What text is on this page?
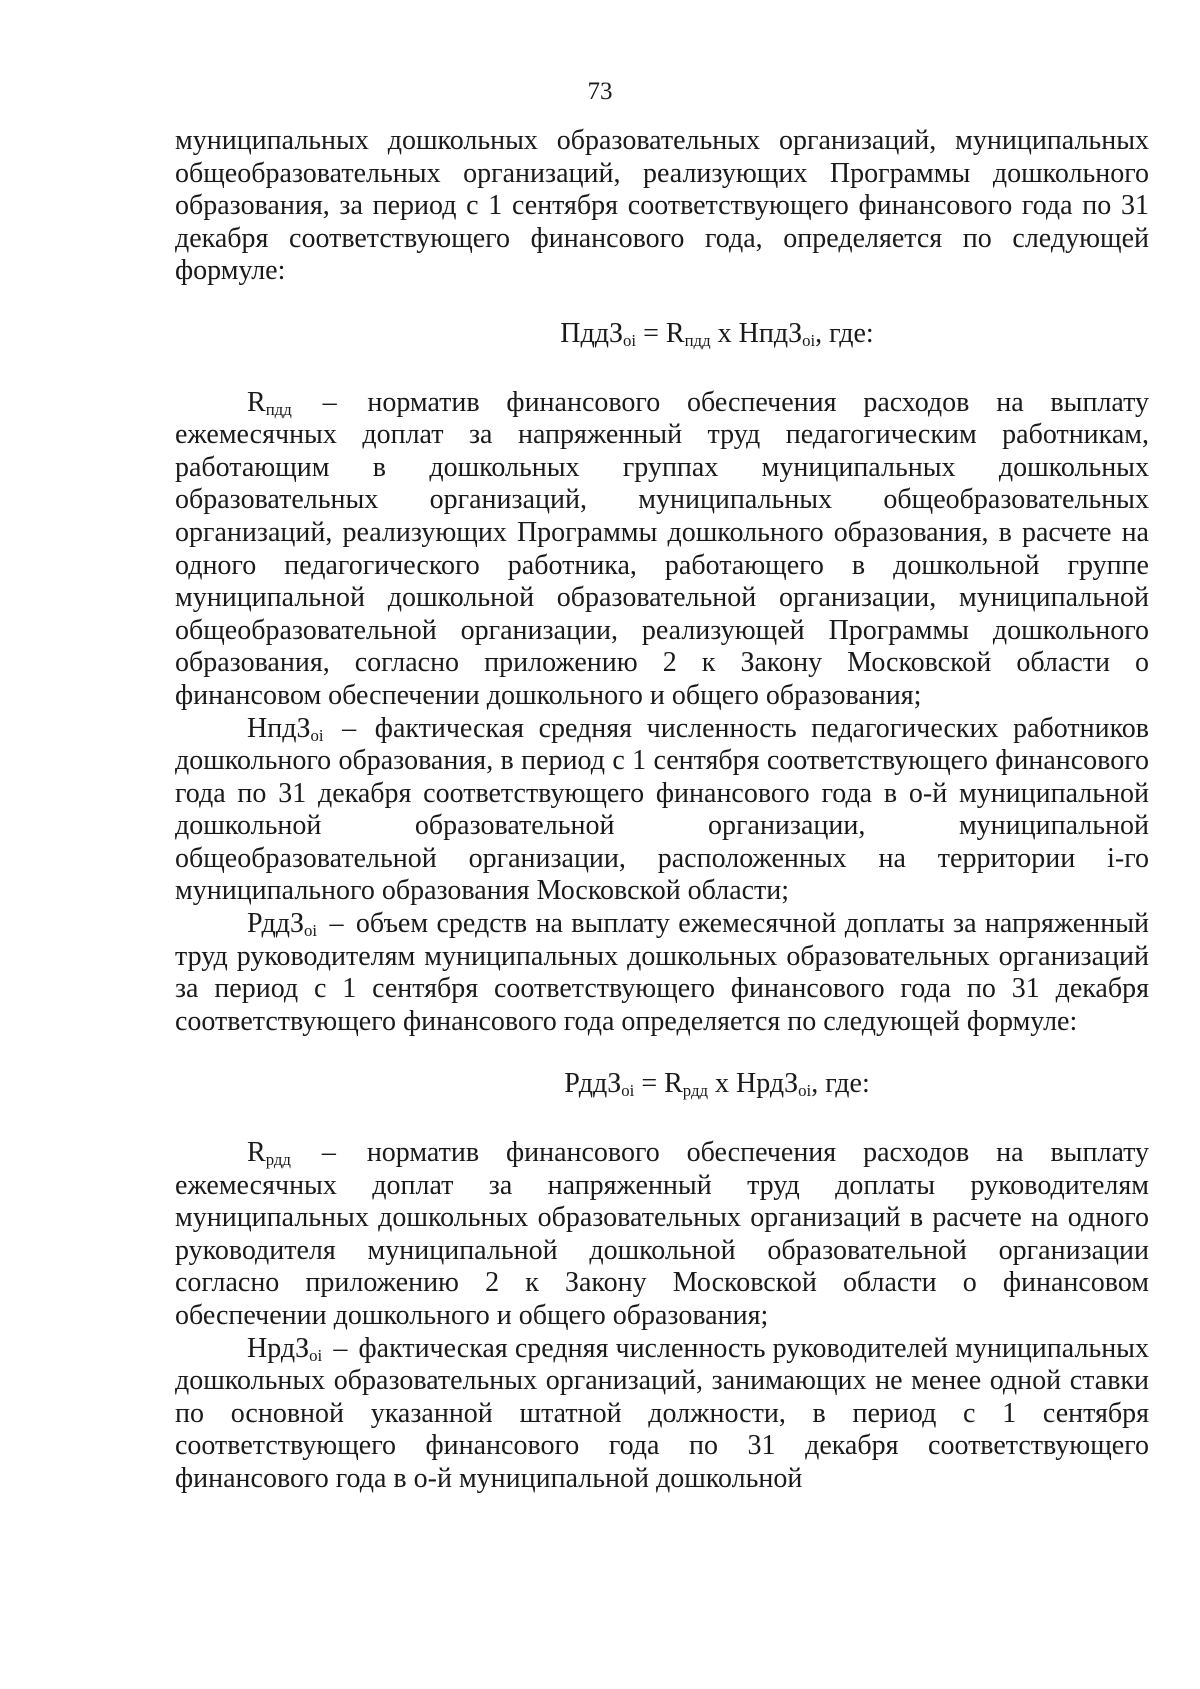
73

муниципальных дошкольных образовательных организаций, муниципальных общеобразовательных организаций, реализующих Программы дошкольного образования, за период с 1 сентября соответствующего финансового года по 31 декабря соответствующего финансового года, определяется по следующей формуле:

ПддЗ$_{oi}$ = $R_{пдд}$ x НпдЗ$_{oi}$, где:

$R_{пдд}$ – норматив финансового обеспечения расходов на выплату ежемесячных доплат за напряженный труд педагогическим работникам, работающим в дошкольных группах муниципальных дошкольных образовательных организаций, муниципальных общеобразовательных организаций, реализующих Программы дошкольного образования, в расчете на одного педагогического работника, работающего в дошкольной группе муниципальной дошкольной образовательной организации, муниципальной общеобразовательной организации, реализующей Программы дошкольного образования, согласно приложению 2 к Закону Московской области о финансовом обеспечении дошкольного и общего образования;

НпдЗ$_{oi}$ – фактическая средняя численность педагогических работников дошкольного образования, в период с 1 сентября соответствующего финансового года по 31 декабря соответствующего финансового года в о-й муниципальной дошкольной образовательной организации, муниципальной общеобразовательной организации, расположенных на территории i-го муниципального образования Московской области;

РддЗ$_{oi}$ – объем средств на выплату ежемесячной доплаты за напряженный труд руководителям муниципальных дошкольных образовательных организаций за период с 1 сентября соответствующего финансового года по 31 декабря соответствующего финансового года определяется по следующей формуле:

РддЗ$_{oi}$ = $R_{рдд}$ x НрдЗ$_{oi}$, где:

$R_{рдд}$ – норматив финансового обеспечения расходов на выплату ежемесячных доплат за напряженный труд доплаты руководителям муниципальных дошкольных образовательных организаций в расчете на одного руководителя муниципальной дошкольной образовательной организации согласно приложению 2 к Закону Московской области о финансовом обеспечении дошкольного и общего образования;

НрдЗ$_{oi}$ – фактическая средняя численность руководителей муниципальных дошкольных образовательных организаций, занимающих не менее одной ставки по основной указанной штатной должности, в период с 1 сентября соответствующего финансового года по 31 декабря соответствующего финансового года в о-й муниципальной дошкольной
